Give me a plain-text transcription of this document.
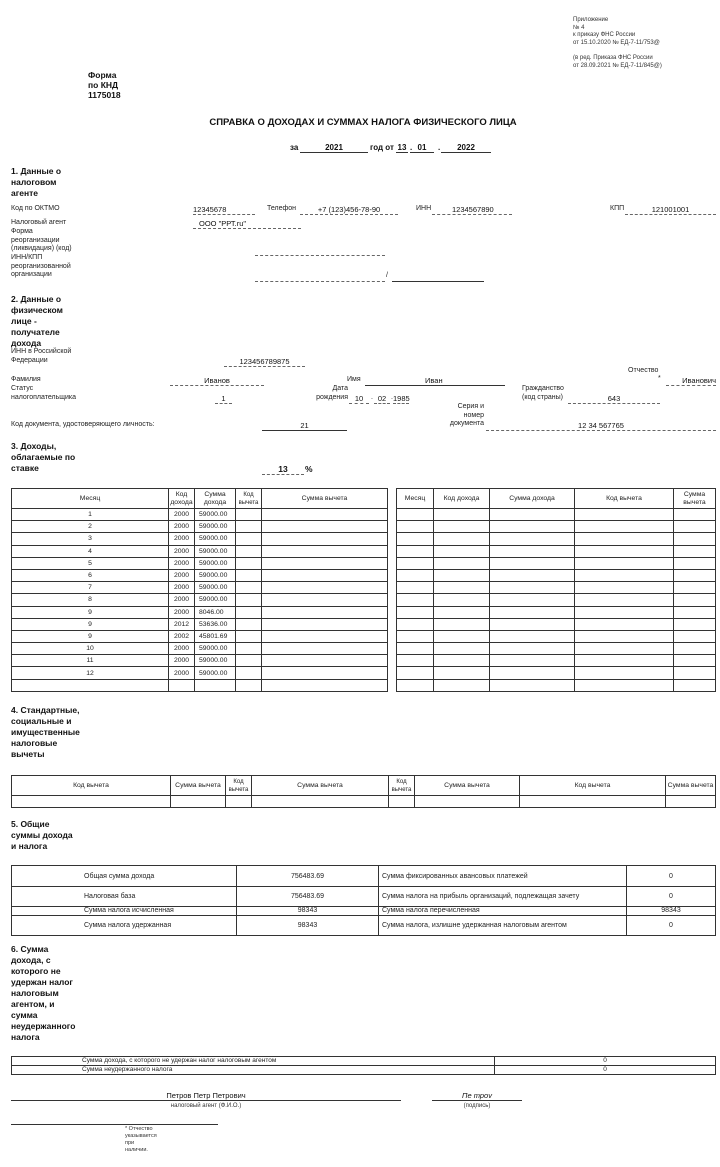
Приложение
№ 4
к приказу ФНС России
от 15.10.2020 № ЕД-7-11/753@
(в ред. Приказа ФНС России
от 28.09.2021 № ЕД-7-11/845@)
Форма
по КНД
1175018
СПРАВКА О ДОХОДАХ И СУММАХ НАЛОГА ФИЗИЧЕСКОГО ЛИЦА
за	2021	год от 13 . 01	.	2022
1. Данные о
налоговом
агенте
Код по ОКТМО	12345678	Телефон	+7 (123)456-78-90	ИНН	1234567890	КПП	121001001
Налоговый агент	ООО "РРТ.ru"
Форма
реорганизации
(ликвидация) (код)
ИНН/КПП
реорганизованной
организации	/
2. Данные о
физическом
лице -
получателе
дохода
ИНН в Российской
Федерации	123456789875
Фамилия	Иванов	Имя	Иван
Отчество
*	Иванович
Статус
налогоплательщика	1
Дата
рождения 10	. 02 . 1985
Гражданство
(код страны)	643
Код документа, удостоверяющего личность:	21
Серия и
номер
документа	12 34 567765
3. Доходы,
облагаемые по
ставке	13	%
Месяц	Код дохода	Сумма дохода	Код вычета	Сумма вычета
1	2000	59000.00		
2	2000	59000.00		
3	2000	59000.00		
4	2000	59000.00		
5	2000	59000.00		
6	2000	59000.00		
7	2000	59000.00		
8	2000	59000.00		
9	2000	8046.00		
9	2012	53636.00		
9	2002	45801.69		
10	2000	59000.00		
11	2000	59000.00		
12	2000	59000.00		

Месяц	Код дохода	Сумма дохода	Код вычета	Сумма вычета

4. Стандартные,
социальные и
имущественные
налоговые
вычеты
Код вычета	Сумма вычета	Код вычета	Сумма вычета	Код вычета	Сумма вычета	Код вычета	Сумма вычета

5. Общие
суммы дохода
и налога
Общая сумма дохода	756483.69	Сумма фиксированных авансовых платежей	0
Налоговая база	756483.69	Сумма налога на прибыль организаций, подлежащая зачету	0
Сумма налога исчисленная	98343	Сумма налога перечисленная	98343
Сумма налога удержанная	98343	Сумма налога, излишне удержанная налоговым агентом	0
6. Сумма
дохода, с
которого не
удержан налог
налоговым
агентом, и
сумма
неудержанного
налога
Сумма дохода, с которого не удержан налог налоговым агентом	0
Сумма неудержанного налога	0
Петров Петр Петрович
налоговый агент (Ф.И.О.)
Пе трov
(подпись)
* Отчество
указывается
при
наличии.
